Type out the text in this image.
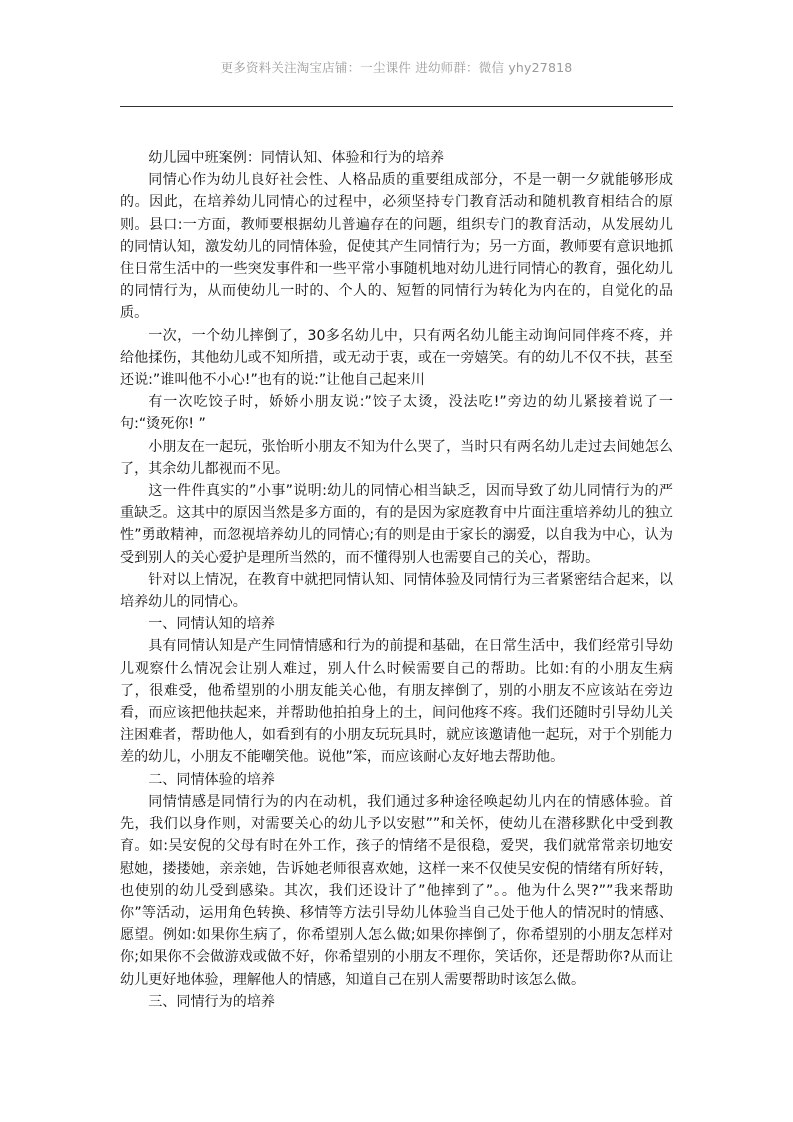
更多资料关注淘宝店铺：一尘课件 进幼师群：微信 yhy27818

幼儿园中班案例：同情认知、体验和行为的培养

同情心作为幼儿良好社会性、人格品质的重要组成部分，不是一朝一夕就能够形成的。因此，在培养幼儿同情心的过程中，必须坚持专门教育活动和随机教育相结合的原则。县口:一方面，教师要根据幼儿普遍存在的问题，组织专门的教育活动，从发展幼儿的同情认知，激发幼儿的同情体验，促使其产生同情行为；另一方面，教师要有意识地抓住日常生活中的一些突发事件和一些平常小事随机地对幼儿进行同情心的教育，强化幼儿的同情行为，从而使幼儿一时的、个人的、短暂的同情行为转化为内在的，自觉化的品质。

一次，一个幼儿摔倒了，30多名幼儿中，只有两名幼儿能主动询问同伴疼不疼，并给他揉伤，其他幼儿或不知所措，或无动于衷，或在一旁嬉笑。有的幼儿不仅不扶，甚至还说:”谁叫他不小心!”也有的说:”让他自己起来川

有一次吃饺子时，娇娇小朋友说:”饺子太烫，没法吃!”旁边的幼儿紧接着说了一句:“烫死你! ”

小朋友在一起玩，张怡昕小朋友不知为什么哭了，当时只有两名幼儿走过去间她怎么了，其余幼儿都视而不见。

这一件件真实的”小事”说明:幼儿的同情心相当缺乏，因而导致了幼儿同情行为的严重缺乏。这其中的原因当然是多方面的，有的是因为家庭教育中片面注重培养幼儿的独立性”勇敢精神，而忽视培养幼儿的同情心;有的则是由于家长的溺爱，以自我为中心，认为受到别人的关心爱护是理所当然的，而不懂得别人也需要自己的关心，帮助。

针对以上情况，在教育中就把同情认知、同情体验及同情行为三者紧密结合起来，以培养幼儿的同情心。

一、同情认知的培养

具有同情认知是产生同情情感和行为的前提和基础，在日常生活中，我们经常引导幼儿观察什么情况会让别人难过，别人什么时候需要自己的帮助。比如:有的小朋友生病了，很难受，他希望别的小朋友能关心他，有朋友摔倒了，别的小朋友不应该站在旁边看，而应该把他扶起来，并帮助他拍拍身上的土，间问他疼不疼。我们还随时引导幼儿关注困难者，帮助他人，如看到有的小朋友玩玩具时，就应该邀请他一起玩，对于个别能力差的幼儿，小朋友不能嘲笑他。说他”笨，而应该耐心友好地去帮助他。

二、同情体验的培养

同情情感是同情行为的内在动机，我们通过多种途径唤起幼儿内在的情感体验。首先，我们以身作则，对需要关心的幼儿予以安慰””和关怀，使幼儿在潜移默化中受到教育。如:吴安倪的父母有时在外工作，孩子的情绪不是很稳，爱哭，我们就常常亲切地安慰她，搂搂她，亲亲她，告诉她老师很喜欢她，这样一来不仅使吴安倪的情绪有所好转，也使别的幼儿受到感染。其次，我们还设计了”他摔到了”。。他为什么哭?””我来帮助你”等活动，运用角色转换、移情等方法引导幼儿体验当自己处于他人的情况时的情感、愿望。例如:如果你生病了，你希望别人怎么做;如果你摔倒了，你希望别的小朋友怎样对你;如果你不会做游戏或做不好，你希望别的小朋友不理你，笑话你，还是帮助你?从而让幼儿更好地体验，理解他人的情感，知道自己在别人需要帮助时该怎么做。

三、同情行为的培养
